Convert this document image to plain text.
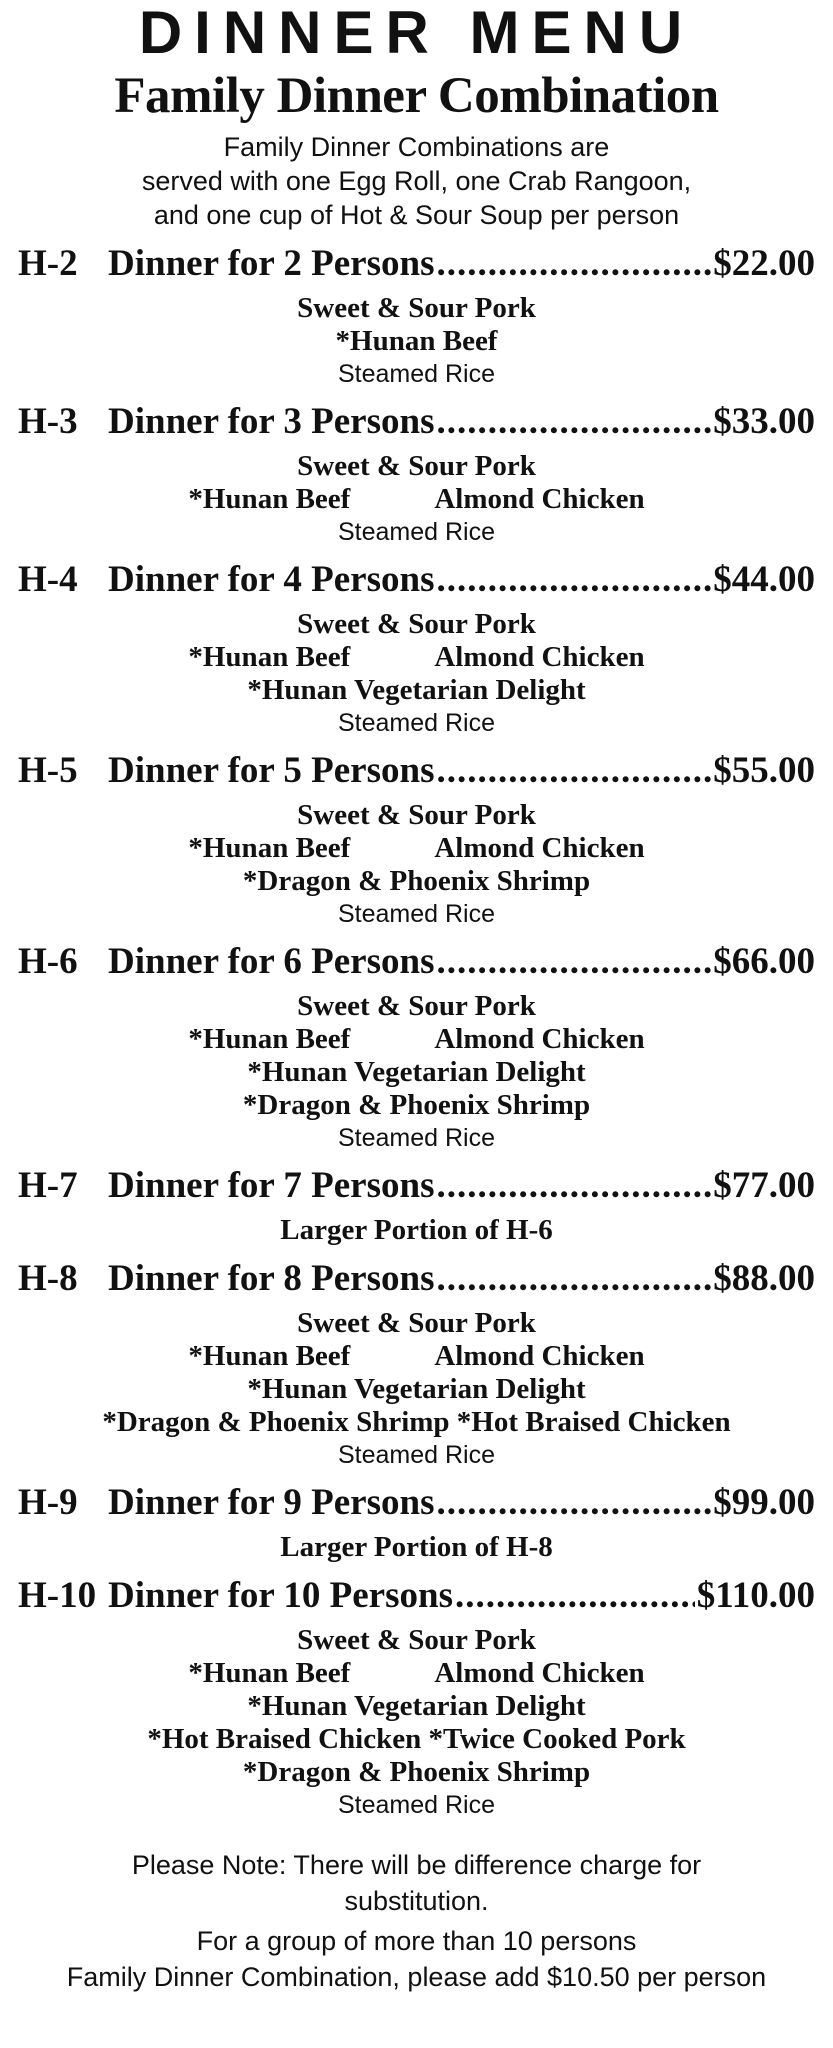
DINNER MENU
Family Dinner Combination
Family Dinner Combinations are
served with one Egg Roll, one Crab Rangoon,
and one cup of Hot & Sour Soup per person
H-2 Dinner for 2 Persons .....	$22.00
Sweet & Sour Pork
*Hunan Beef
Steamed Rice
H-3 Dinner for 3 Persons .....	$33.00
Sweet & Sour Pork
*Hunan Beef	Almond Chicken
Steamed Rice
H-4 Dinner for 4 Persons .....	$44.00
Sweet & Sour Pork
*Hunan Beef	Almond Chicken
*Hunan Vegetarian Delight
Steamed Rice
H-5 Dinner for 5 Persons .....	$55.00
Sweet & Sour Pork
*Hunan Beef	Almond Chicken
*Dragon & Phoenix Shrimp
Steamed Rice
H-6 Dinner for 6 Persons .....	$66.00
Sweet & Sour Pork
*Hunan Beef	Almond Chicken
*Hunan Vegetarian Delight
*Dragon & Phoenix Shrimp
Steamed Rice
H-7 Dinner for 7 Persons .....	$77.00
Larger Portion of H-6
H-8 Dinner for 8 Persons .....	$88.00
Sweet & Sour Pork
*Hunan Beef	Almond Chicken
*Hunan Vegetarian Delight
*Dragon & Phoenix Shrimp *Hot Braised Chicken
Steamed Rice
H-9 Dinner for 9 Persons .....	$99.00
Larger Portion of H-8
H-10 Dinner for 10 Persons .....	$110.00
Sweet & Sour Pork
*Hunan Beef	Almond Chicken
*Hunan Vegetarian Delight
*Hot Braised Chicken *Twice Cooked Pork
*Dragon & Phoenix Shrimp
Steamed Rice
Please Note: There will be difference charge for
substitution.
For a group of more than 10 persons
Family Dinner Combination, please add $10.50 per person
